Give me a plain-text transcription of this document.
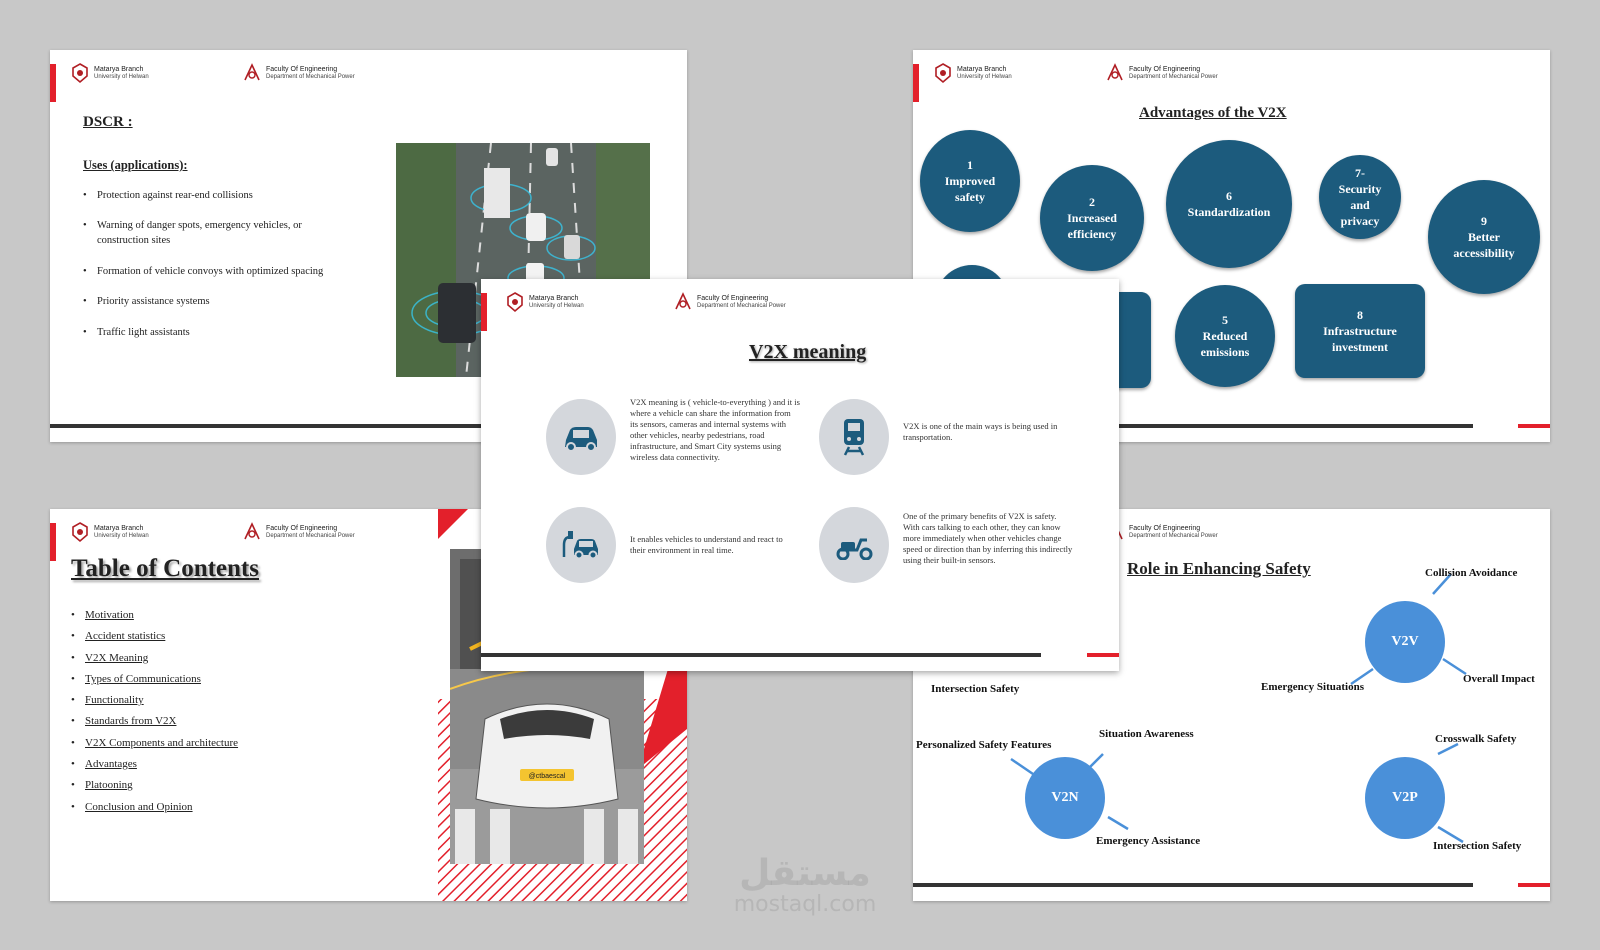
Matarya Branch
University of Helwan
Faculty Of Engineering
Department of Mechanical Power
DSCR :
Uses (applications):
• Protection against rear-end collisions
• Warning of danger spots, emergency vehicles, or
construction sites
• Formation of vehicle convoys with optimized spacing
• Priority assistance systems
• Traffic light assistants
Matarya Branch
University of Helwan
Faculty Of Engineering
Department of Mechanical Power
Advantages of the V2X
1
Improved
safety	2
Increased
efficiency
6
Standardization
7-
Security
and
privacy	9
Better
accessibility
5
Reduced
emissions
8
Infrastructure
investment
Matarya Branch
University of Helwan
Faculty Of Engineering
Department of Mechanical Power
Table of Contents
• Motivation
• Accident statistics
• V2X Meaning
• Types of Communications
• Functionality
• Standards from V2X
• V2X Components and architecture
• Advantages
• Platooning
• Conclusion and Opinion
@ctbaescal
Faculty Of Engineering
Department of Mechanical Power
Role in Enhancing Safety
V2V
V2N	V2P
Collision Avoidance
Emergency Situations
Overall Impact
Intersection Safety
Personalized Safety Features
Situation Awareness
Emergency Assistance
Crosswalk Safety
Intersection Safety
Matarya Branch
University of Helwan
Faculty Of Engineering
Department of Mechanical Power
V2X meaning
V2X meaning is ( vehicle-to-everything ) and it is where a vehicle can share the information from its sensors, cameras and internal systems with other vehicles, nearby pedestrians, road infrastructure, and Smart City systems using wireless data connectivity.
V2X is one of the main ways is being used in transportation.
It enables vehicles to understand and react to their environment in real time.
One of the primary benefits of V2X is safety. With cars talking to each other, they can know more immediately when other vehicles change speed or direction than by inferring this indirectly using their built-in sensors.
مستقل
mostaql.com
